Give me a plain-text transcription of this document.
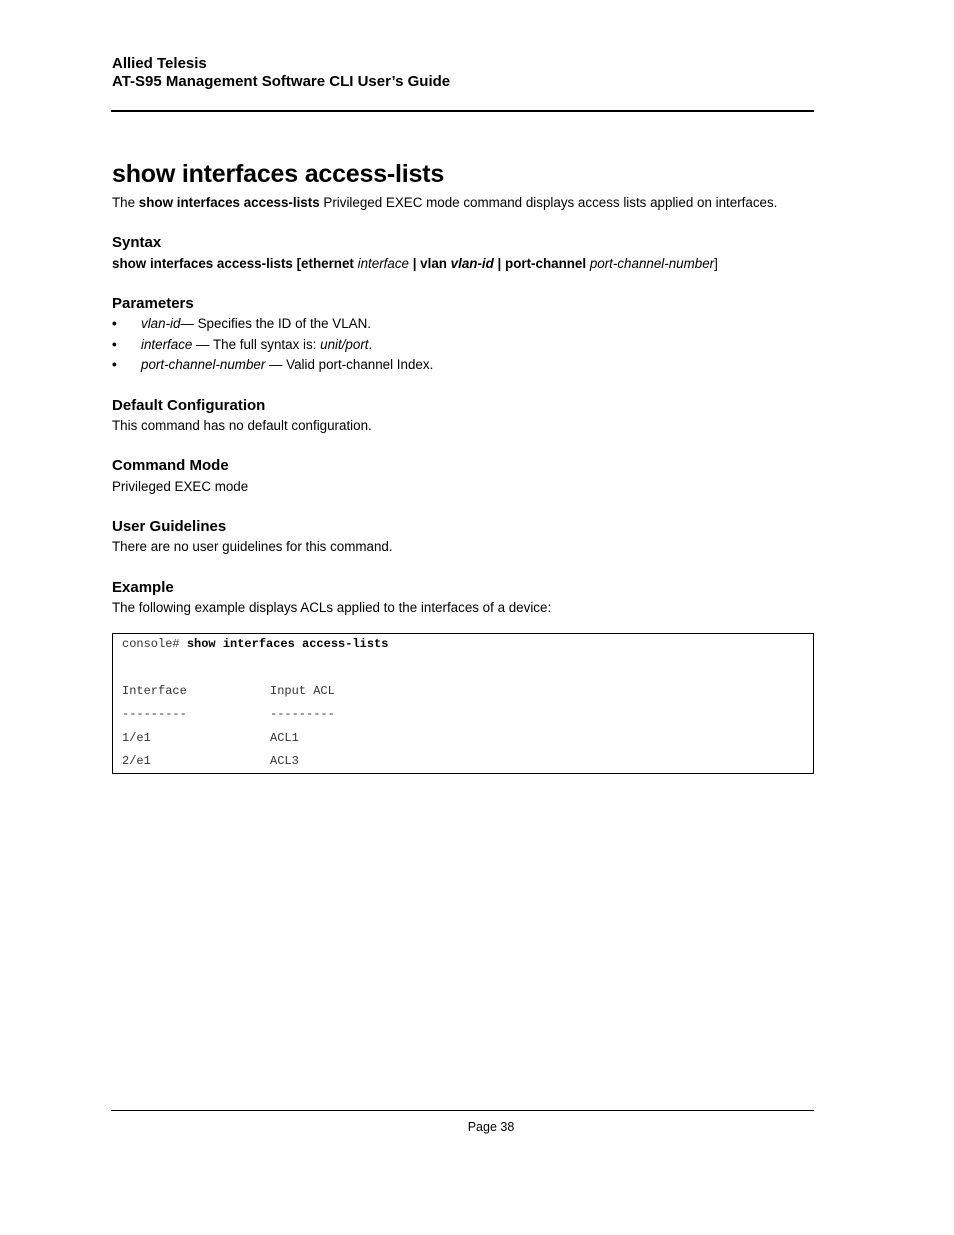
Allied Telesis
AT-S95 Management Software CLI User’s Guide
show interfaces access-lists
The show interfaces access-lists Privileged EXEC mode command displays access lists applied on interfaces.
Syntax
show interfaces access-lists [ethernet interface | vlan vlan-id | port-channel port-channel-number]
Parameters
• vlan-id— Specifies the ID of the VLAN.
• interface — The full syntax is: unit/port.
• port-channel-number — Valid port-channel Index.
Default Configuration
This command has no default configuration.
Command Mode
Privileged EXEC mode
User Guidelines
There are no user guidelines for this command.
Example
The following example displays ACLs applied to the interfaces of a device:
console# show interfaces access-lists
Interface	Input ACL
---------	---------
1/e1	ACL1
2/e1	ACL3
Page 38
